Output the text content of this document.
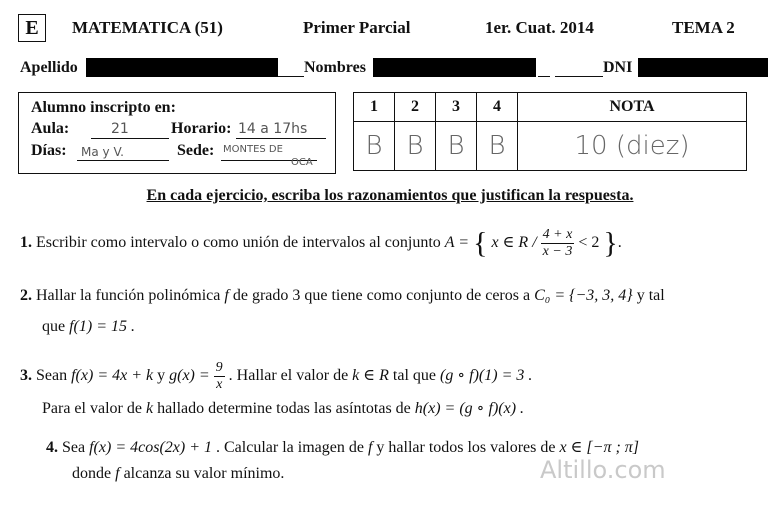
E	MATEMATICA (51)	Primer Parcial	1er. Cuat. 2014	TEMA 2
Apellido	Nombres	DNI
Alumno inscripto en:
Aula:	21	Horario: 14 a 17hs
Días: Ma y V.	Sede: MONTES DE
OCA
1	2	3	4	NOTA
B	B	B	B	10 (diez)
En cada ejercicio, escriba los razonamientos que justifican la respuesta.
1. Escribir como intervalo o como unión de intervalos al conjunto A = { x ∈ $R / \frac{4 + x}{x - 3} < 2$ }.
2. Hallar la función polinómica f de grado 3 que tiene como conjunto de ceros a C₀ = {−3, 3, 4} y tal
que f(1) = 15 .
3. Sean f(x) = 4x + k y $g(x) = \frac{9}{x}$ . Hallar el valor de k ∈ R tal que (g ∘ f)(1) = 3 .
Para el valor de k hallado determine todas las asíntotas de h(x) = (g ∘ f)(x) .
4. Sea f(x) = 4cos(2x) + 1 . Calcular la imagen de f y hallar todos los valores de x ∈ [−π ; π]
donde f alcanza su valor mínimo.	Altillo.com
